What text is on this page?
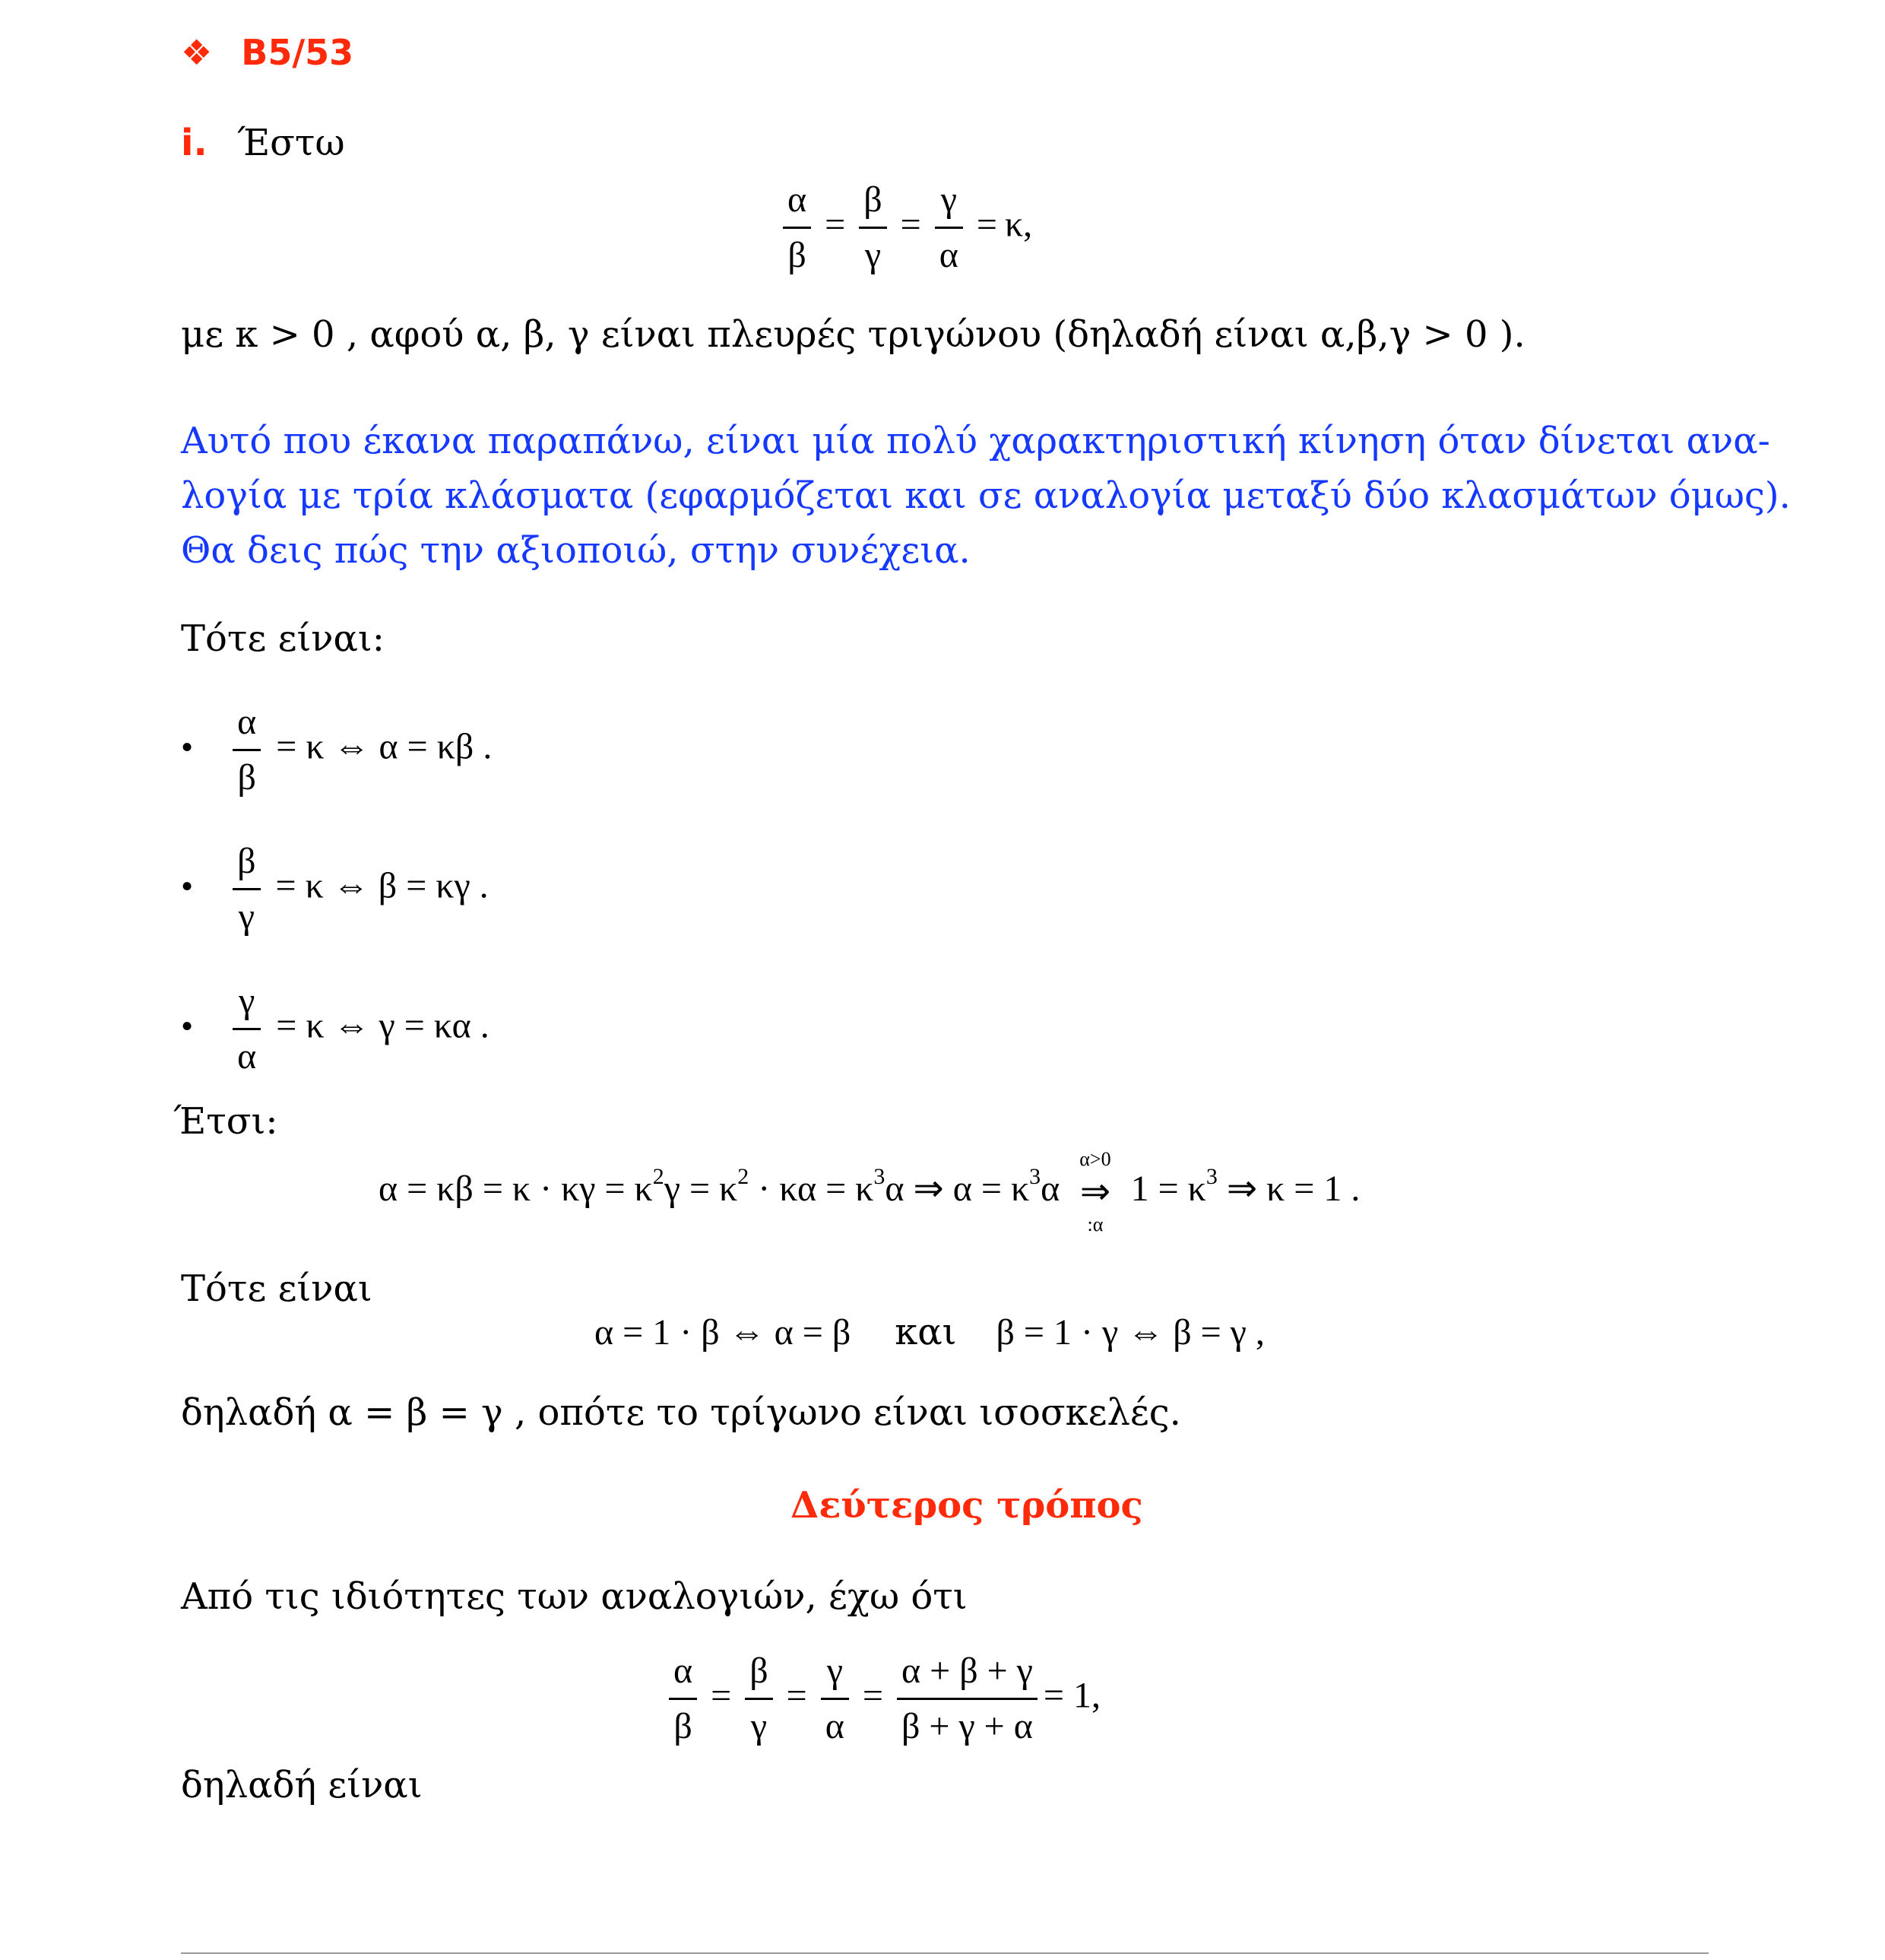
❖ B5/53
i. Έστω
$\frac{\alpha}{\beta} = \frac{\beta}{\gamma} = \frac{\gamma}{\alpha} = \kappa$,
με κ > 0 , αφού α, β, γ είναι πλευρές τριγώνου (δηλαδή είναι α,β,γ > 0 ).
Αυτό που έκανα παραπάνω, είναι μία πολύ χαρακτηριστική κίνηση όταν δίνεται ανα-
λογία με τρία κλάσματα (εφαρμόζεται και σε αναλογία μεταξύ δύο κλασμάτων όμως).
Θα δεις πώς την αξιοποιώ, στην συνέχεια.
Τότε είναι:
• $\frac{\alpha}{\beta} = \kappa$ ⇔ α = κβ .
• $\frac{\beta}{\gamma} = \kappa$ ⇔ β = κγ .
• $\frac{\gamma}{\alpha} = \kappa$ ⇔ γ = κα .
Έτσι:
$\alpha = \kappa\beta = \kappa \cdot \kappa\gamma = \kappa^2\gamma = \kappa^2 \cdot \kappa\alpha = \kappa^3\alpha$ ⇒ $\alpha = \kappa^3\alpha$
α>0
⇒
:α
$1 = \kappa^3$ ⇒ κ = 1 .
Τότε είναι
α = 1 · β ⇔ α = β και β = 1 · γ ⇔ β = γ ,
δηλαδή α = β = γ , οπότε το τρίγωνο είναι ισοσκελές.
Δεύτερος τρόπος
Από τις ιδιότητες των αναλογιών, έχω ότι
$\frac{\alpha}{\beta} = \frac{\beta}{\gamma} = \frac{\gamma}{\alpha} = \frac{\alpha + \beta + \gamma}{\beta + \gamma + \alpha} = 1$,
δηλαδή είναι
